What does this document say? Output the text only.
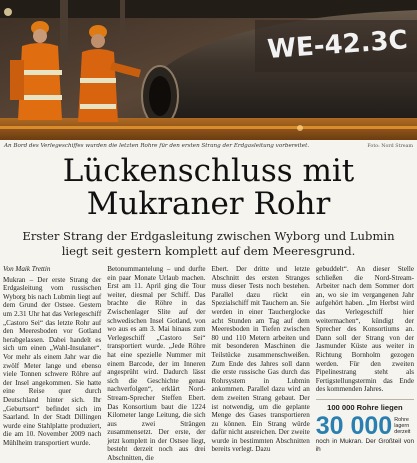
WE-42.3C
An Bord des Verlegeschiffes wurden die letzten Rohre für den ersten Strang der Erdgasleitung vorbereitet.	Foto: Nord Stream
Lückenschluss mit
Mukraner Rohr
Erster Strang der Erdgasleitung zwischen Wyborg und Lubmin
liegt seit gestern komplett auf dem Meeresgrund.
Von Maik Trettin

Mukran – Der erste Strang der Erdgasleitung vom russischen Wyborg bis nach Lubmin liegt auf dem Grund der Ostsee. Gestern um 2.31 Uhr hat das Verlegeschiff „Castoro Sei“ das letzte Rohr auf den Meeresboden vor Gotland herabgelassen. Dabei handelt es sich um einen „Wahl-Insulaner“. Vor mehr als einem Jahr war die zwölf Meter lange und ebenso viele Tonnen schwere Röhre auf der Insel angekommen. Sie hatte eine Reise quer durch Deutschland hinter sich. Ihr „Geburtsort“ befindet sich im Saarland. In der Stadt Dillingen wurde eine Stahlplatte produziert, die am 10. November 2009 nach Mühlheim transportiert wurde.

Betonummantelung – und durfte ein paar Monate Urlaub machen. Erst am 11. April ging die Tour weiter, diesmal per Schiff. Das brachte die Röhre in das Zwischenlager Slite auf der schwedischen Insel Gotland, von wo aus es am 3. Mai hinaus zum Verlegeschiff „Castoro Sei“ transportiert wurde. „Jede Röhre hat eine spezielle Nummer mit einem Barcode, der im Inneren angesprüht wird. Dadurch lässt sich die Geschichte genau nachverfolgen“, erklärt Nord-Stream-Sprecher Steffen Ebert. Das Konsortium baut die 1224 Kilometer lange Leitung, die sich aus zwei Strängen zusammensetzt. Der erste, der jetzt komplett in der Ostsee liegt, besteht derzeit noch aus drei Abschnitten, die

Ebert. Der dritte und letzte Abschnitt des ersten Stranges muss dieser Tests noch bestehen. Parallel dazu rückt ein Spezialschiff mit Tauchern an. Sie werden in einer Taucherglocke acht Stunden am Tag auf dem Meeresboden in Tiefen zwischen 80 und 110 Metern arbeiten und mit besonderen Maschinen die Teilstücke zusammenschweißen. Zum Ende des Jahres soll dann die erste russische Gas durch das Rohrsystem in Lubmin ankommen. Parallel dazu wird an dem zweiten Strang gebaut. Der ist notwendig, um die geplante Menge des Gases transportieren zu können. Ein Strang würde dafür nicht ausreichen. Der zweite wurde in bestimmten Abschnitten bereits verlegt. Dazu

gebuddelt“. An dieser Stelle schließen die Nord-Stream-Arbeiter nach dem Sommer dort an, wo sie im vergangenen Jahr aufgehört haben. „Im Herbst wird das Verlegeschiff hier weitermachen“, kündigt der Sprecher des Konsortiums an. Dann soll der Strang von der Jasmunder Küste aus weiter in Richtung Bornholm gezogen werden. Für den zweiten Pipelinestrang steht als Fertigstellungstermin das Ende des kommenden Jahres.

100 000 Rohre liegen
30 000 Rohre
lagern
derzeit
noch in Mukran. Der Großteil von ih
